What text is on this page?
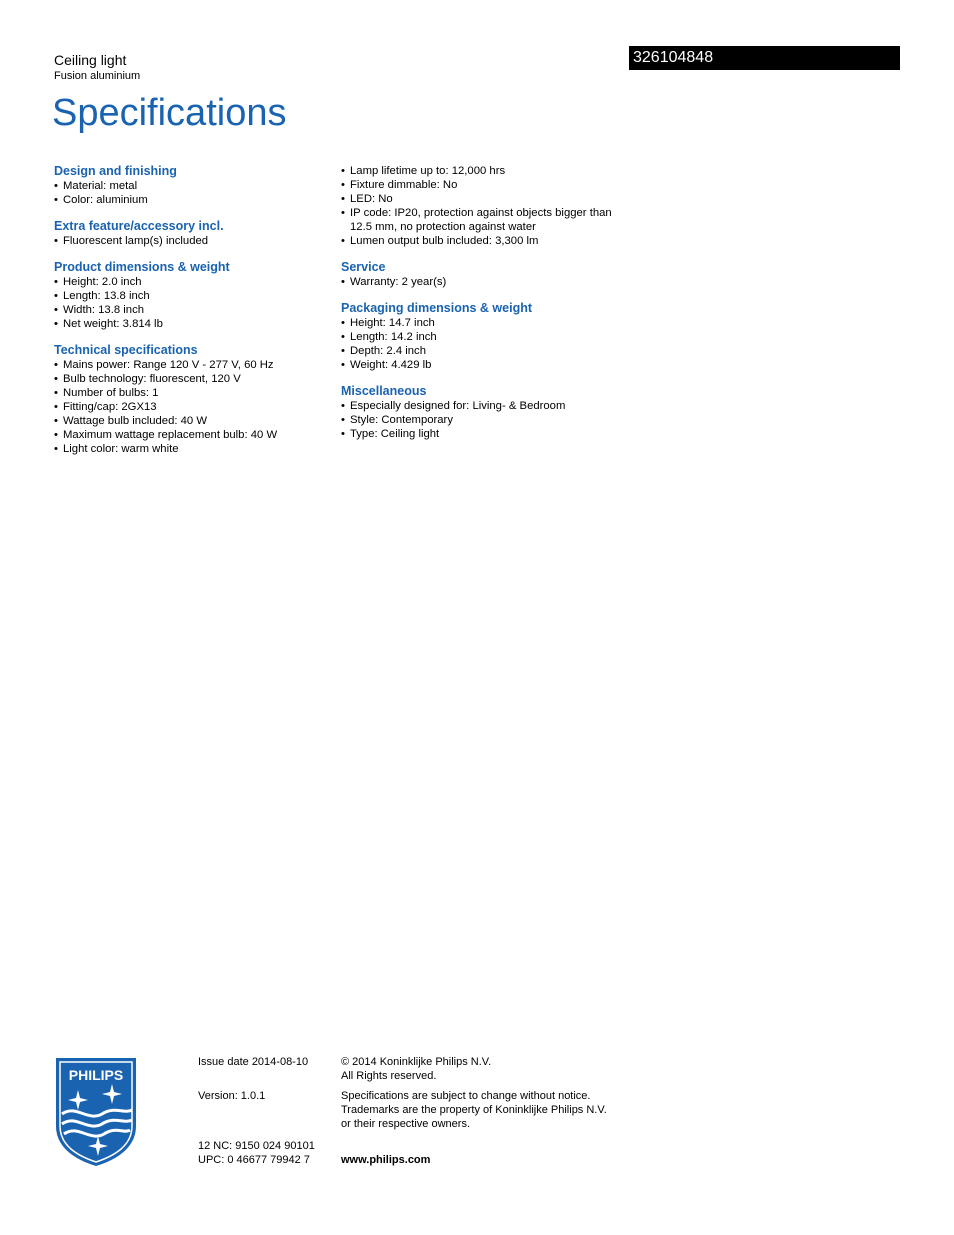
Ceiling light
Fusion aluminium
326104848
Specifications
Design and finishing
• Material: metal
• Color: aluminium
Extra feature/accessory incl.
• Fluorescent lamp(s) included
Product dimensions & weight
• Height: 2.0 inch
• Length: 13.8 inch
• Width: 13.8 inch
• Net weight: 3.814 lb
Technical specifications
• Mains power: Range 120 V - 277 V, 60 Hz
• Bulb technology: fluorescent, 120 V
• Number of bulbs: 1
• Fitting/cap: 2GX13
• Wattage bulb included: 40 W
• Maximum wattage replacement bulb: 40 W
• Light color: warm white
• Lamp lifetime up to: 12,000 hrs
• Fixture dimmable: No
• LED: No
• IP code: IP20, protection against objects bigger than
12.5 mm, no protection against water
• Lumen output bulb included: 3,300 lm
Service
• Warranty: 2 year(s)
Packaging dimensions & weight
• Height: 14.7 inch
• Length: 14.2 inch
• Depth: 2.4 inch
• Weight: 4.429 lb
Miscellaneous
• Especially designed for: Living- & Bedroom
• Style: Contemporary
• Type: Ceiling light
PHILIPS
Issue date 2014-08-10
Version: 1.0.1
12 NC: 9150 024 90101
UPC: 0 46677 79942 7
© 2014 Koninklijke Philips N.V.
All Rights reserved.
Specifications are subject to change without notice.
Trademarks are the property of Koninklijke Philips N.V.
or their respective owners.
www.philips.com
